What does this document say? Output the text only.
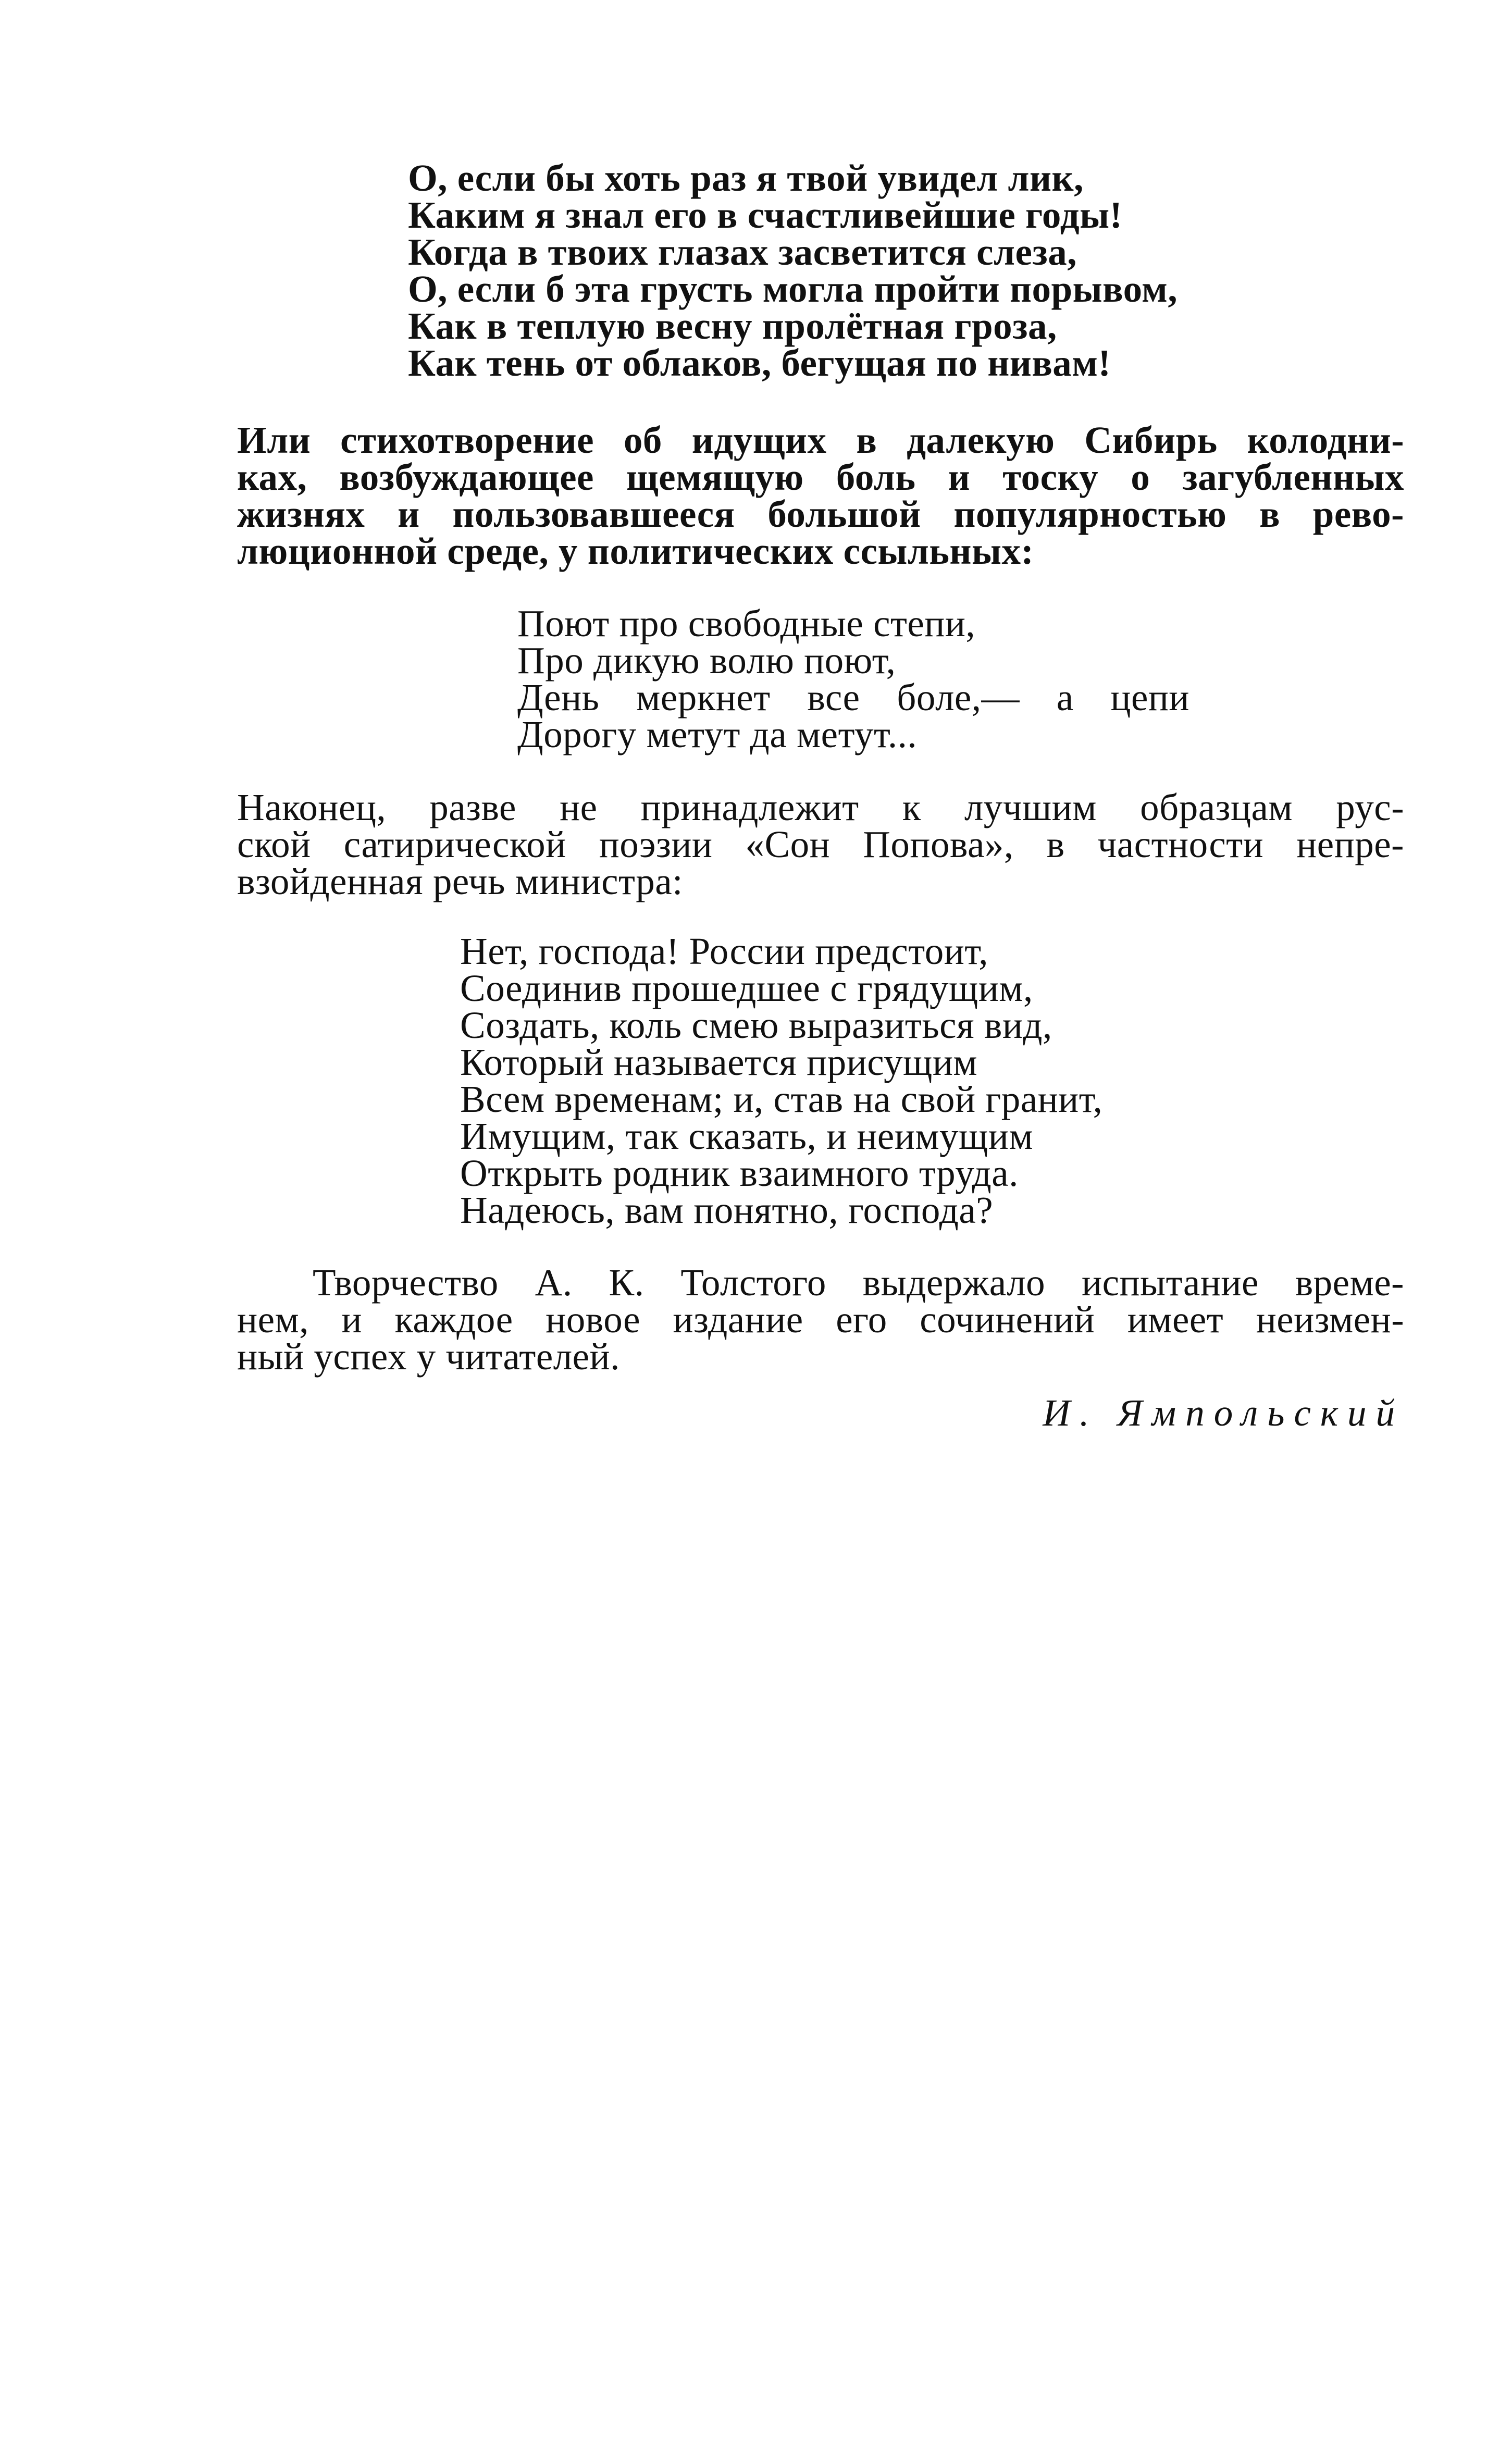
О, если бы хоть раз я твой увидел лик,
Каким я знал его в счастливейшие годы!
Когда в твоих глазах засветится слеза,
О, если б эта грусть могла пройти порывом,
Как в теплую весну пролётная гроза,
Как тень от облаков, бегущая по нивам!
Или стихотворение об идущих в далекую Сибирь колодни-
ках, возбуждающее щемящую боль и тоску о загубленных
жизнях и пользовавшееся большой популярностью в рево-
люционной среде, у политических ссыльных:
Поют про свободные степи,
Про дикую волю поют,
День меркнет все боле,— а цепи
Дорогу метут да метут...
Наконец, разве не принадлежит к лучшим образцам рус-
ской сатирической поэзии «Сон Попова», в частности непре-
взойденная речь министра:
Нет, господа! России предстоит,
Соединив прошедшее с грядущим,
Создать, коль смею выразиться вид,
Который называется присущим
Всем временам; и, став на свой гранит,
Имущим, так сказать, и неимущим
Открыть родник взаимного труда.
Надеюсь, вам понятно, господа?
Творчество А. К. Толстого выдержало испытание време-
нем, и каждое новое издание его сочинений имеет неизмен-
ный успех у читателей.
И. Ямпольский
